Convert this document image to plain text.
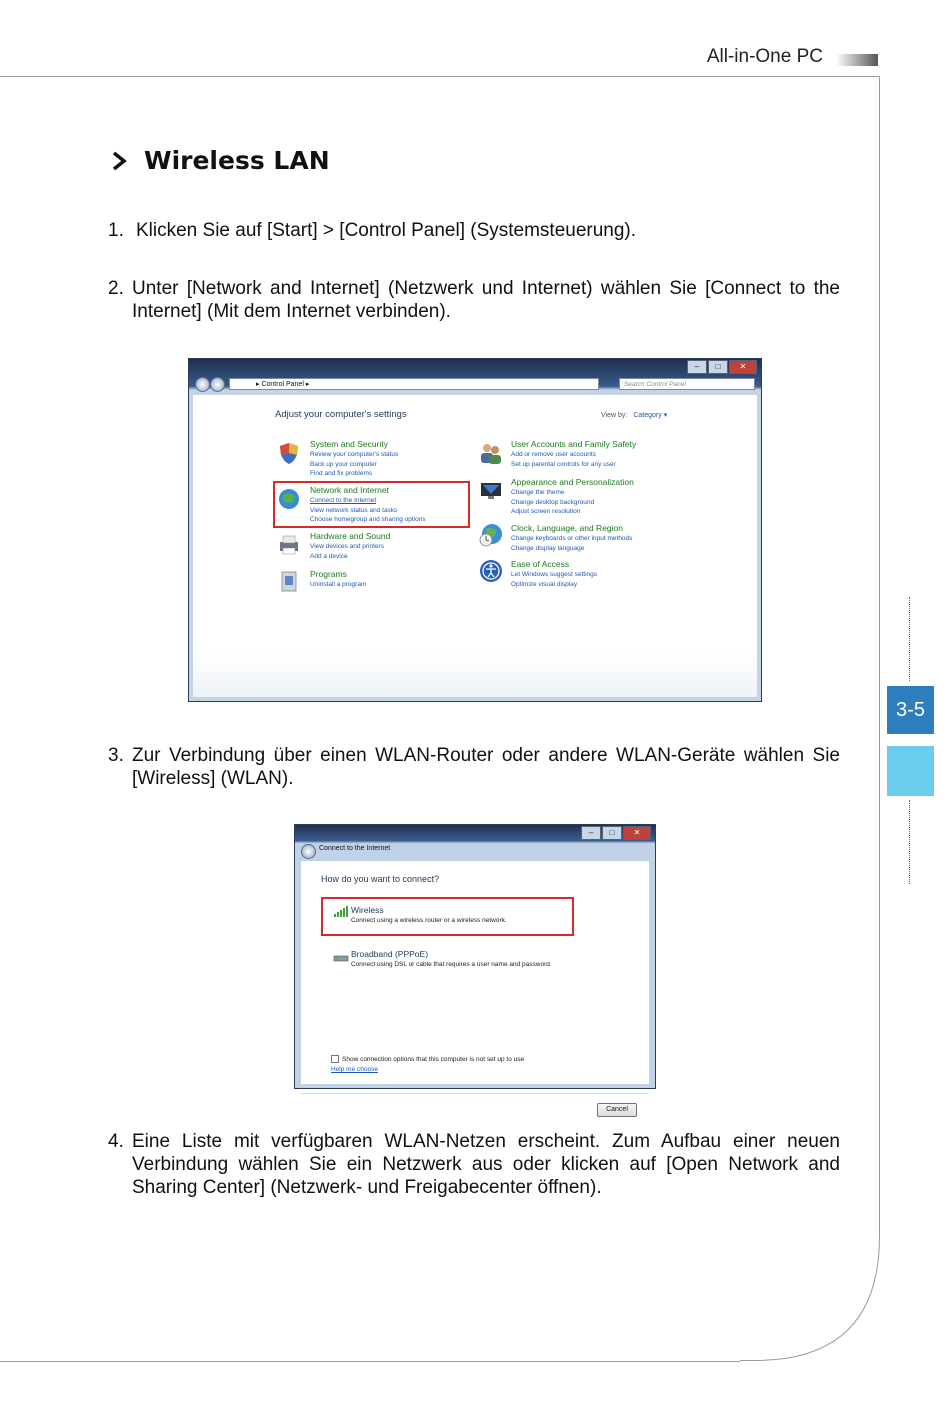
All-in-One PC
3-5
Wireless LAN
1. Klicken Sie auf [Start] > [Control Panel] (Systemsteuerung).
2. Unter [Network and Internet] (Netzwerk und Internet) wählen Sie [Connect to the Internet] (Mit dem Internet verbinden).
–	□	✕
▸ Control Panel ▸	Search Control Panel
Adjust your computer's settings	View by: Category ▾
System and Security
Review your computer's status
Back up your computer
Find and fix problems
Network and Internet
Connect to the Internet
View network status and tasks
Choose homegroup and sharing options
Hardware and Sound
View devices and printers
Add a device
Programs
Uninstall a program
User Accounts and Family Safety
Add or remove user accounts
Set up parental controls for any user
Appearance and Personalization
Change the theme
Change desktop background
Adjust screen resolution
Clock, Language, and Region
Change keyboards or other input methods
Change display language
Ease of Access
Let Windows suggest settings
Optimize visual display
3. Zur Verbindung über einen WLAN-Router oder andere WLAN-Geräte wählen Sie [Wireless] (WLAN).
–	□	✕
Connect to the Internet
How do you want to connect?
Wireless
Connect using a wireless router or a wireless network.
Broadband (PPPoE)
Connect using DSL or cable that requires a user name and password.
Show connection options that this computer is not set up to use
Help me choose
Cancel
4. Eine Liste mit verfügbaren WLAN-Netzen erscheint. Zum Aufbau einer neuen Verbindung wählen Sie ein Netzwerk aus oder klicken auf [Open Network and Sharing Center] (Netzwerk- und Freigabecenter öffnen).
